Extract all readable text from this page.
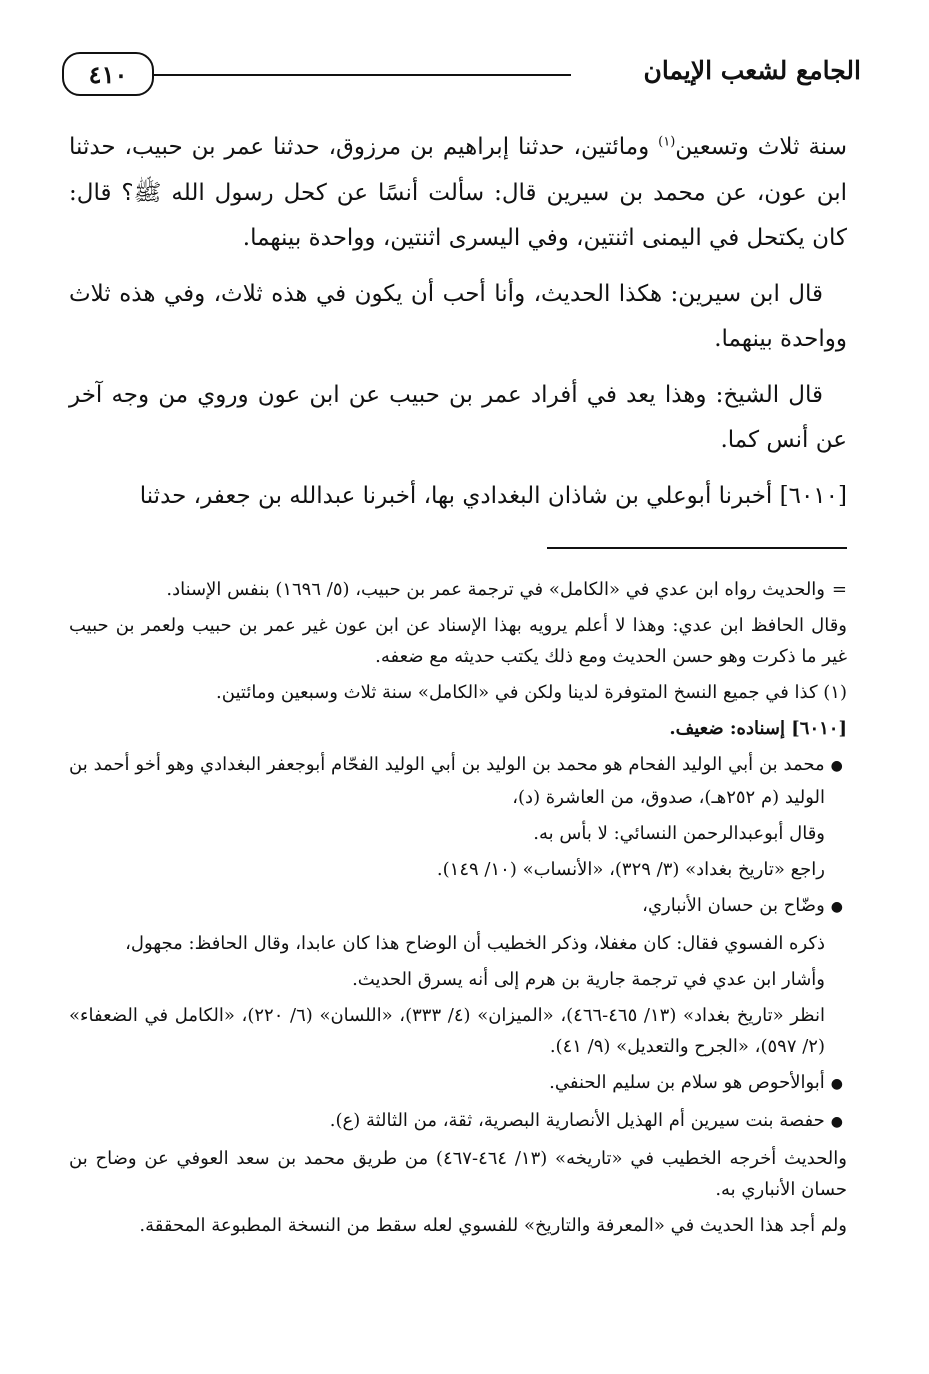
الجامع لشعب الإيمان
٤١٠

سنة ثلاث وتسعين$^{(١)}$ ومائتين، حدثنا إبراهيم بن مرزوق، حدثنا عمر بن حبيب، حدثنا ابن عون، عن محمد بن سيرين قال: سألت أنسًا عن كحل رسول الله ﷺ؟ قال: كان يكتحل في اليمنى اثنتين، وفي اليسرى اثنتين، وواحدة بينهما.

قال ابن سيرين: هكذا الحديث، وأنا أحب أن يكون في هذه ثلاث، وفي هذه ثلاث وواحدة بينهما.

قال الشيخ: وهذا يعد في أفراد عمر بن حبيب عن ابن عون وروي من وجه آخر عن أنس كما.

[٦٠١٠] أخبرنا أبوعلي بن شاذان البغدادي بها، أخبرنا عبدالله بن جعفر، حدثنا

=والحديث رواه ابن عدي في «الكامل» في ترجمة عمر بن حبيب، (٥/ ١٦٩٦) بنفس الإسناد.

وقال الحافظ ابن عدي: وهذا لا أعلم يرويه بهذا الإسناد عن ابن عون غير عمر بن حبيب ولعمر بن حبيب غير ما ذكرت وهو حسن الحديث ومع ذلك يكتب حديثه مع ضعفه.

(١) كذا في جميع النسخ المتوفرة لدينا ولكن في «الكامل» سنة ثلاث وسبعين ومائتين.

[٦٠١٠] إسناده: ضعيف.

●محمد بن أبي الوليد الفحام هو محمد بن الوليد بن أبي الوليد الفحّام أبوجعفر البغدادي وهو أخو أحمد بن الوليد (م ٢٥٢هـ)، صدوق، من العاشرة (د)،

وقال أبوعبدالرحمن النسائي: لا بأس به.

راجع «تاريخ بغداد» (٣/ ٣٢٩)، «الأنساب» (١٠/ ١٤٩).

●وضّاح بن حسان الأنباري،

ذكره الفسوي فقال: كان مغفلا، وذكر الخطيب أن الوضاح هذا كان عابدا، وقال الحافظ: مجهول،

وأشار ابن عدي في ترجمة جارية بن هرم إلى أنه يسرق الحديث.

انظر «تاريخ بغداد» (١٣/ ٤٦٥-٤٦٦)، «الميزان» (٤/ ٣٣٣)، «اللسان» (٦/ ٢٢٠)، «الكامل في الضعفاء» (٢/ ٥٩٧)، «الجرح والتعديل» (٩/ ٤١).

●أبوالأحوص هو سلام بن سليم الحنفي.

●حفصة بنت سيرين أم الهذيل الأنصارية البصرية، ثقة، من الثالثة (ع).

والحديث أخرجه الخطيب في «تاريخه» (١٣/ ٤٦٤-٤٦٧) من طريق محمد بن سعد العوفي عن وضاح بن حسان الأنباري به.

ولم أجد هذا الحديث في «المعرفة والتاريخ» للفسوي لعله سقط من النسخة المطبوعة المحققة.
